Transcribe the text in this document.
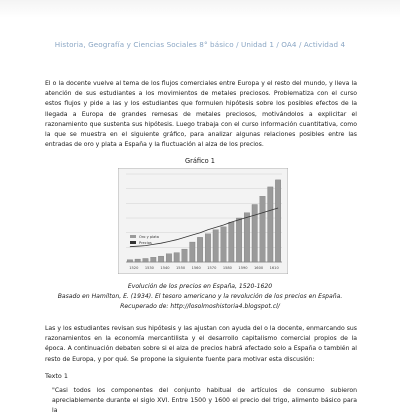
Historia, Geografía y Ciencias Sociales 8° básico / Unidad 1 / OA4 / Actividad 4

El o la docente vuelve al tema de los flujos comerciales entre Europa y el resto del mundo, y lleva la atención de sus estudiantes a los movimientos de metales preciosos. Problematiza con el curso estos flujos y pide a las y los estudiantes que formulen hipótesis sobre los posibles efectos de la llegada a Europa de grandes remesas de metales preciosos, motivándolos a explicitar el razonamiento que sustenta sus hipótesis. Luego trabaja con el curso información cuantitativa, como la que se muestra en el siguiente gráfico, para analizar algunas relaciones posibles entre las entradas de oro y plata a España y la fluctuación al alza de los precios.

Gráfico 1
1520 1530 1540 1550 1560 1570 1580 1590 1600 1610
Oro y plata
Precios
Evolución de los precios en España, 1520-1620
Basado en Hamilton, E. (1934). El tesoro americano y la revolución de los precios en España.
Recuperado de: http://losolmoshistoria4.blogspot.cl/

Las y los estudiantes revisan sus hipótesis y las ajustan con ayuda del o la docente, enmarcando sus razonamientos en la economía mercantilista y el desarrollo capitalismo comercial propios de la época. A continuación debaten sobre si el alza de precios habrá afectado solo a España o también al resto de Europa, y por qué. Se propone la siguiente fuente para motivar esta discusión:

Texto 1

"Casi todos los componentes del conjunto habitual de artículos de consumo subieron apreciablemente durante el siglo XVI. Entre 1500 y 1600 el precio del trigo, alimento básico para la
